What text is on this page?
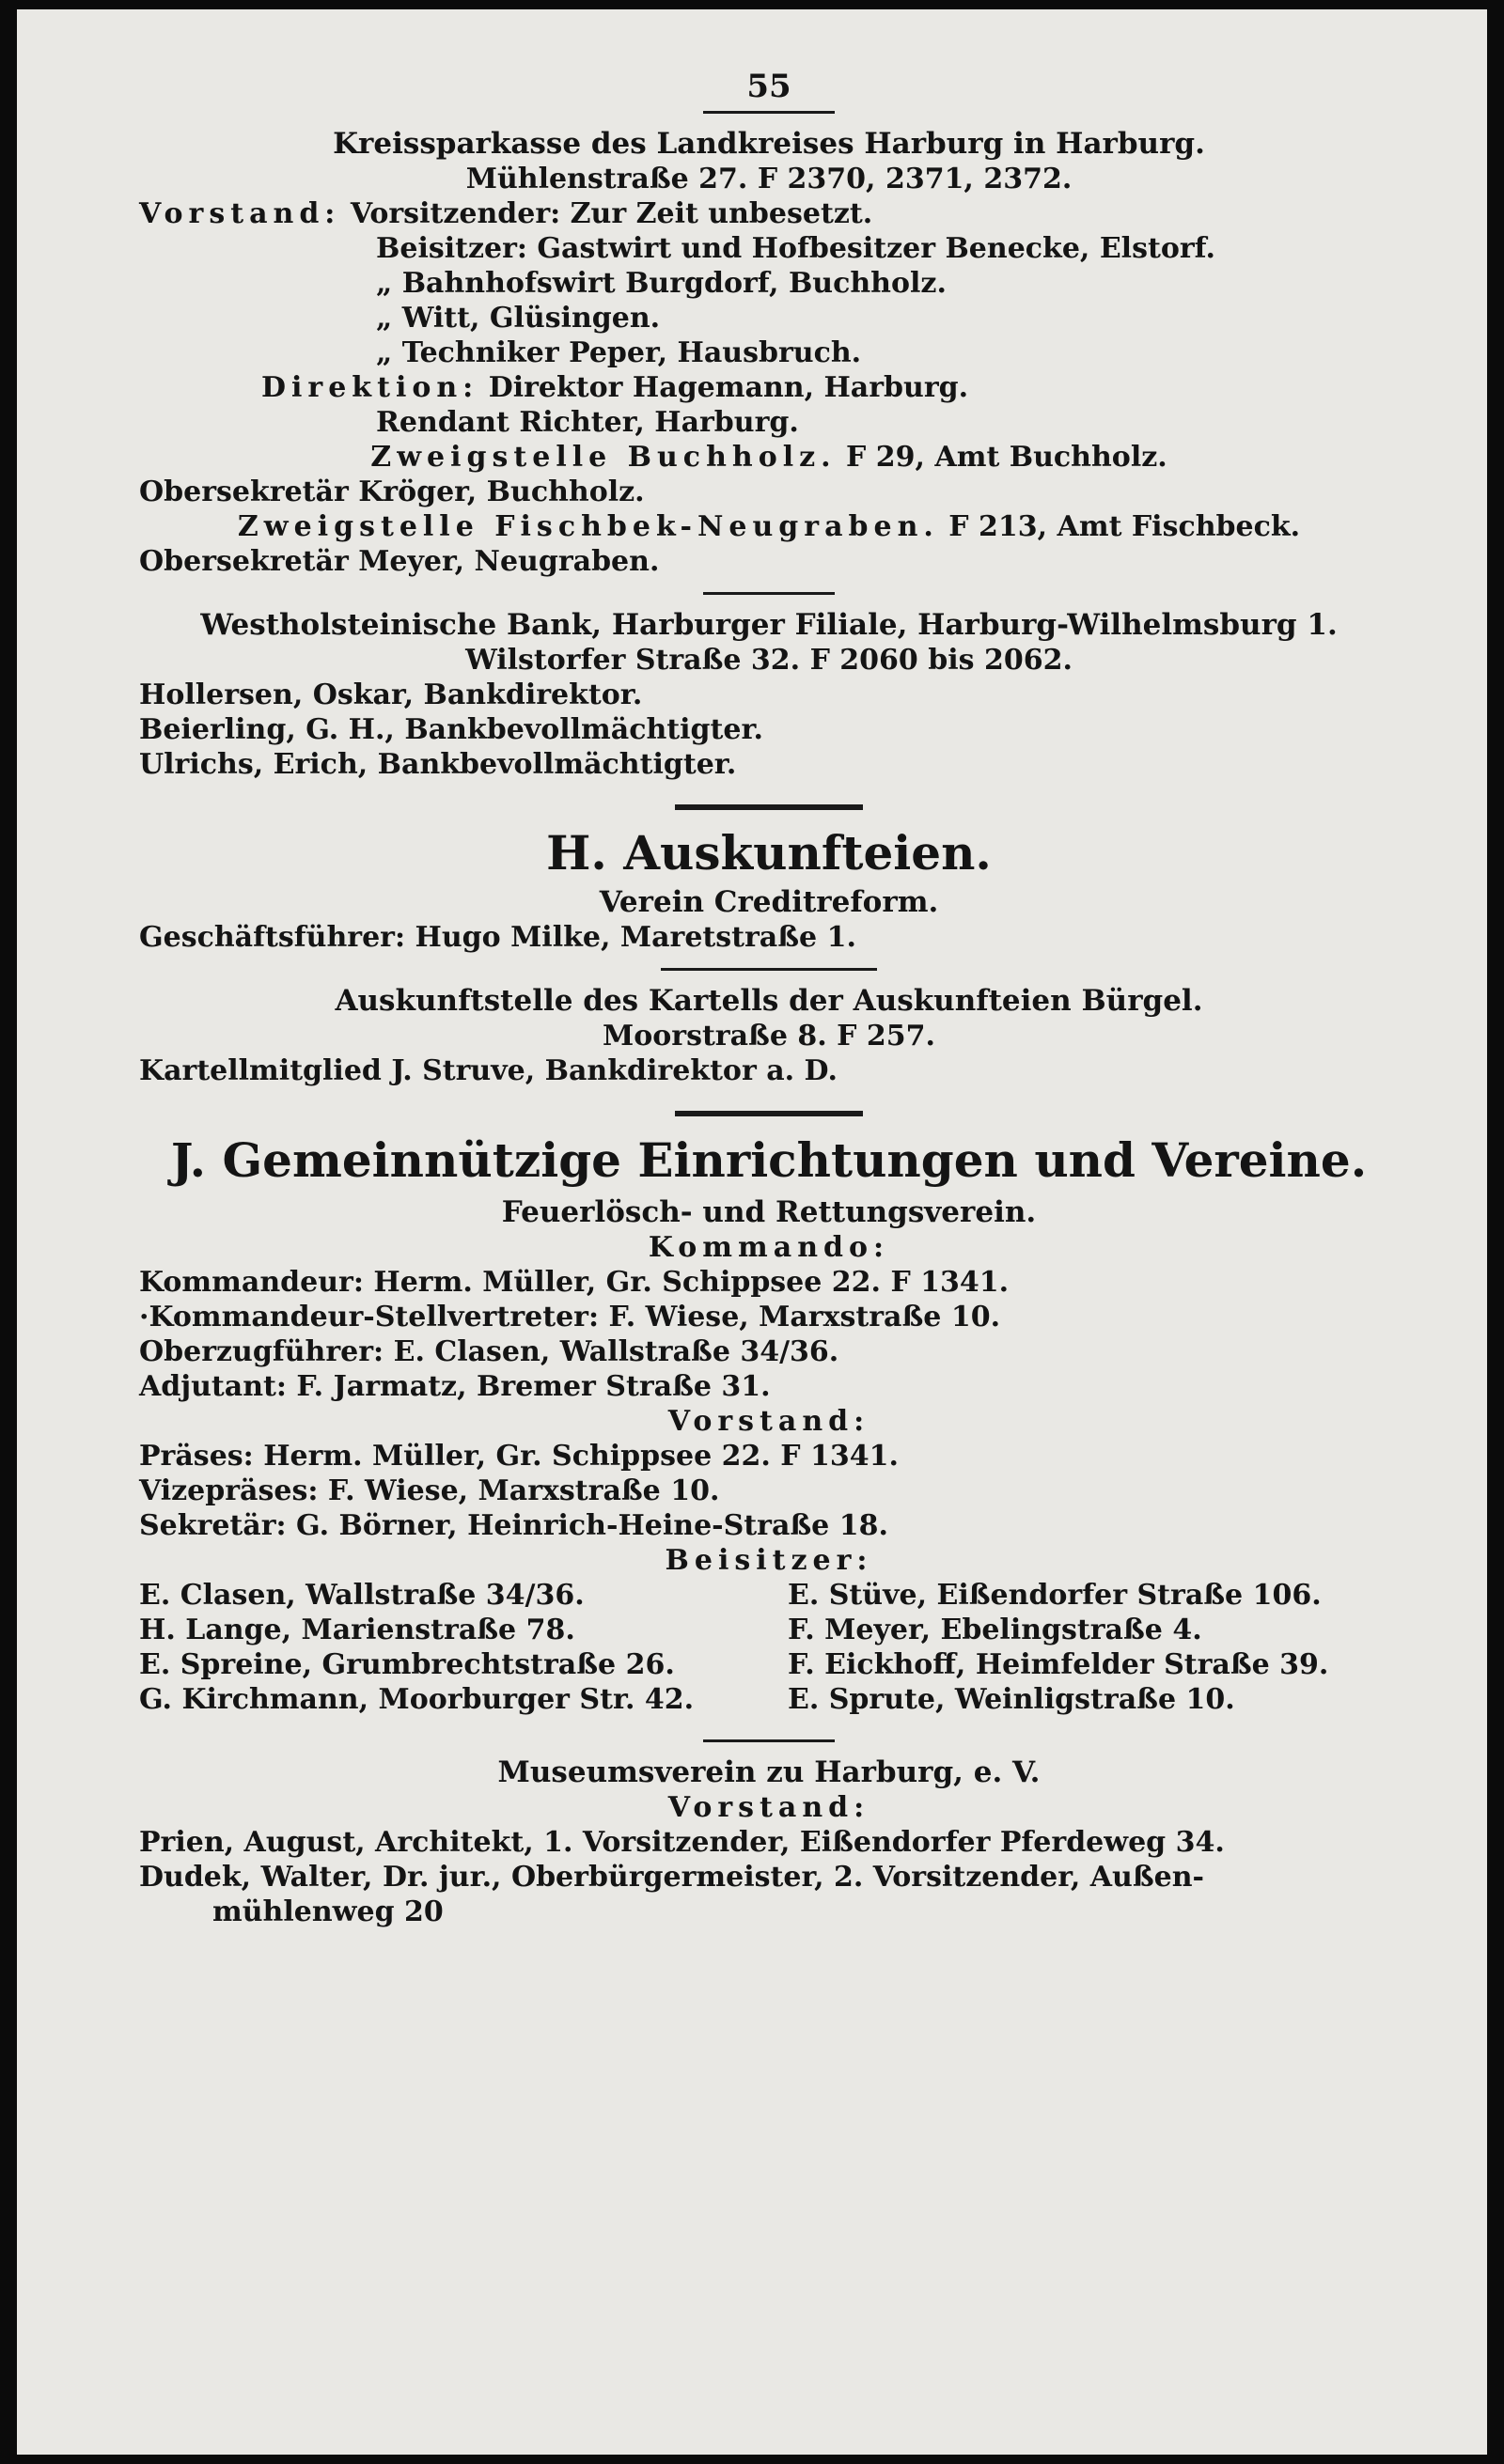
55
Kreissparkasse des Landkreises Harburg in Harburg.
Mühlenstraße 27. F 2370, 2371, 2372.
Vorstand: Vorsitzender: Zur Zeit unbesetzt.
Beisitzer: Gastwirt und Hofbesitzer Benecke, Elstorf.
„ Bahnhofswirt Burgdorf, Buchholz.
„ Witt, Glüsingen.
„ Techniker Peper, Hausbruch.
Direktion: Direktor Hagemann, Harburg.
Rendant Richter, Harburg.
Zweigstelle Buchholz. F 29, Amt Buchholz.
Obersekretär Kröger, Buchholz.
Zweigstelle Fischbek-Neugraben. F 213, Amt Fischbeck.
Obersekretär Meyer, Neugraben.
Westholsteinische Bank, Harburger Filiale, Harburg-Wilhelmsburg 1.
Wilstorfer Straße 32. F 2060 bis 2062.
Hollersen, Oskar, Bankdirektor.
Beierling, G. H., Bankbevollmächtigter.
Ulrichs, Erich, Bankbevollmächtigter.
H. Auskunfteien.
Verein Creditreform.
Geschäftsführer: Hugo Milke, Maretstraße 1.
Auskunftstelle des Kartells der Auskunfteien Bürgel.
Moorstraße 8. F 257.
Kartellmitglied J. Struve, Bankdirektor a. D.
J. Gemeinnützige Einrichtungen und Vereine.
Feuerlösch- und Rettungsverein.
Kommando:
Kommandeur: Herm. Müller, Gr. Schippsee 22. F 1341.
·Kommandeur-Stellvertreter: F. Wiese, Marxstraße 10.
Oberzugführer: E. Clasen, Wallstraße 34/36.
Adjutant: F. Jarmatz, Bremer Straße 31.
Vorstand:
Präses: Herm. Müller, Gr. Schippsee 22. F 1341.
Vizepräses: F. Wiese, Marxstraße 10.
Sekretär: G. Börner, Heinrich-Heine-Straße 18.
Beisitzer:
E. Clasen, Wallstraße 34/36.
H. Lange, Marienstraße 78.
E. Spreine, Grumbrechtstraße 26.
G. Kirchmann, Moorburger Str. 42.
E. Stüve, Eißendorfer Straße 106.
F. Meyer, Ebelingstraße 4.
F. Eickhoff, Heimfelder Straße 39.
E. Sprute, Weinligstraße 10.
Museumsverein zu Harburg, e. V.
Vorstand:
Prien, August, Architekt, 1. Vorsitzender, Eißendorfer Pferdeweg 34.
Dudek, Walter, Dr. jur., Oberbürgermeister, 2. Vorsitzender, Außen-
mühlenweg 20
